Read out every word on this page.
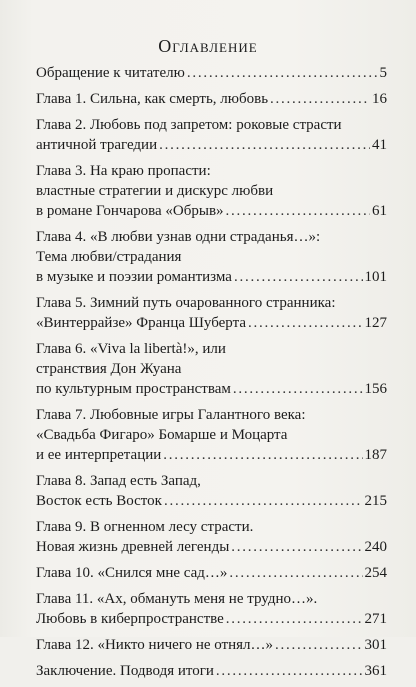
Оглавление
Обращение к читателю . . .	5
Глава 1. Сильна, как смерть, любовь . . .	16
Глава 2. Любовь под запретом: роковые страсти
античной трагедии . . .	41
Глава 3. На краю пропасти:
властные стратегии и дискурс любви
в романе Гончарова «Обрыв» . . .	61
Глава 4. «В любви узнав одни страданья…»:
Тема любви/страдания
в музыке и поэзии романтизма . . .	101
Глава 5. Зимний путь очарованного странника:
«Винтеррайзе» Франца Шуберта . . .	127
Глава 6. «Viva la libertà!», или
странствия Дон Жуана
по культурным пространствам . . .	156
Глава 7. Любовные игры Галантного века:
«Свадьба Фигаро» Бомарше и Моцарта
и ее интерпретации . . .	187
Глава 8. Запад есть Запад,
Восток есть Восток . . .	215
Глава 9. В огненном лесу страсти.
Новая жизнь древней легенды . . .	240
Глава 10. «Снился мне сад…» . . .	254
Глава 11. «Ах, обмануть меня не трудно…».
Любовь в киберпространстве . . .	271
Глава 12. «Никто ничего не отнял…» . . .	301
Заключение. Подводя итоги . . .	361
